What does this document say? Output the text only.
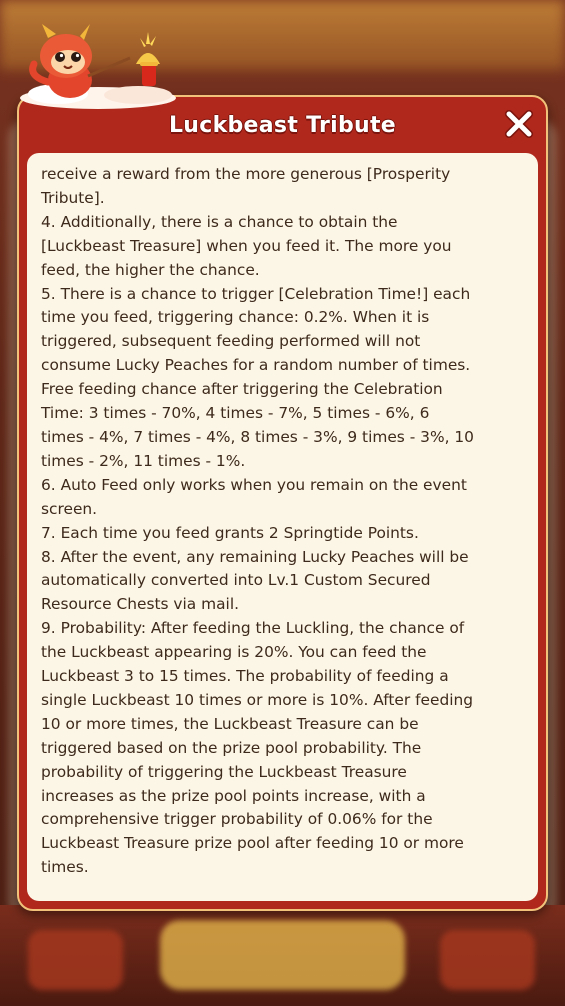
Luckbeast Tribute
receive a reward from the more generous [Prosperity
Tribute].
4. Additionally, there is a chance to obtain the
[Luckbeast Treasure] when you feed it. The more you
feed, the higher the chance.
5. There is a chance to trigger [Celebration Time!] each
time you feed, triggering chance: 0.2%. When it is
triggered, subsequent feeding performed will not
consume Lucky Peaches for a random number of times.
Free feeding chance after triggering the Celebration
Time: 3 times - 70%, 4 times - 7%, 5 times - 6%, 6
times - 4%, 7 times - 4%, 8 times - 3%, 9 times - 3%, 10
times - 2%, 11 times - 1%.
6. Auto Feed only works when you remain on the event
screen.
7. Each time you feed grants 2 Springtide Points.
8. After the event, any remaining Lucky Peaches will be
automatically converted into Lv.1 Custom Secured
Resource Chests via mail.
9. Probability: After feeding the Luckling, the chance of
the Luckbeast appearing is 20%. You can feed the
Luckbeast 3 to 15 times. The probability of feeding a
single Luckbeast 10 times or more is 10%. After feeding
10 or more times, the Luckbeast Treasure can be
triggered based on the prize pool probability. The
probability of triggering the Luckbeast Treasure
increases as the prize pool points increase, with a
comprehensive trigger probability of 0.06% for the
Luckbeast Treasure prize pool after feeding 10 or more
times.
